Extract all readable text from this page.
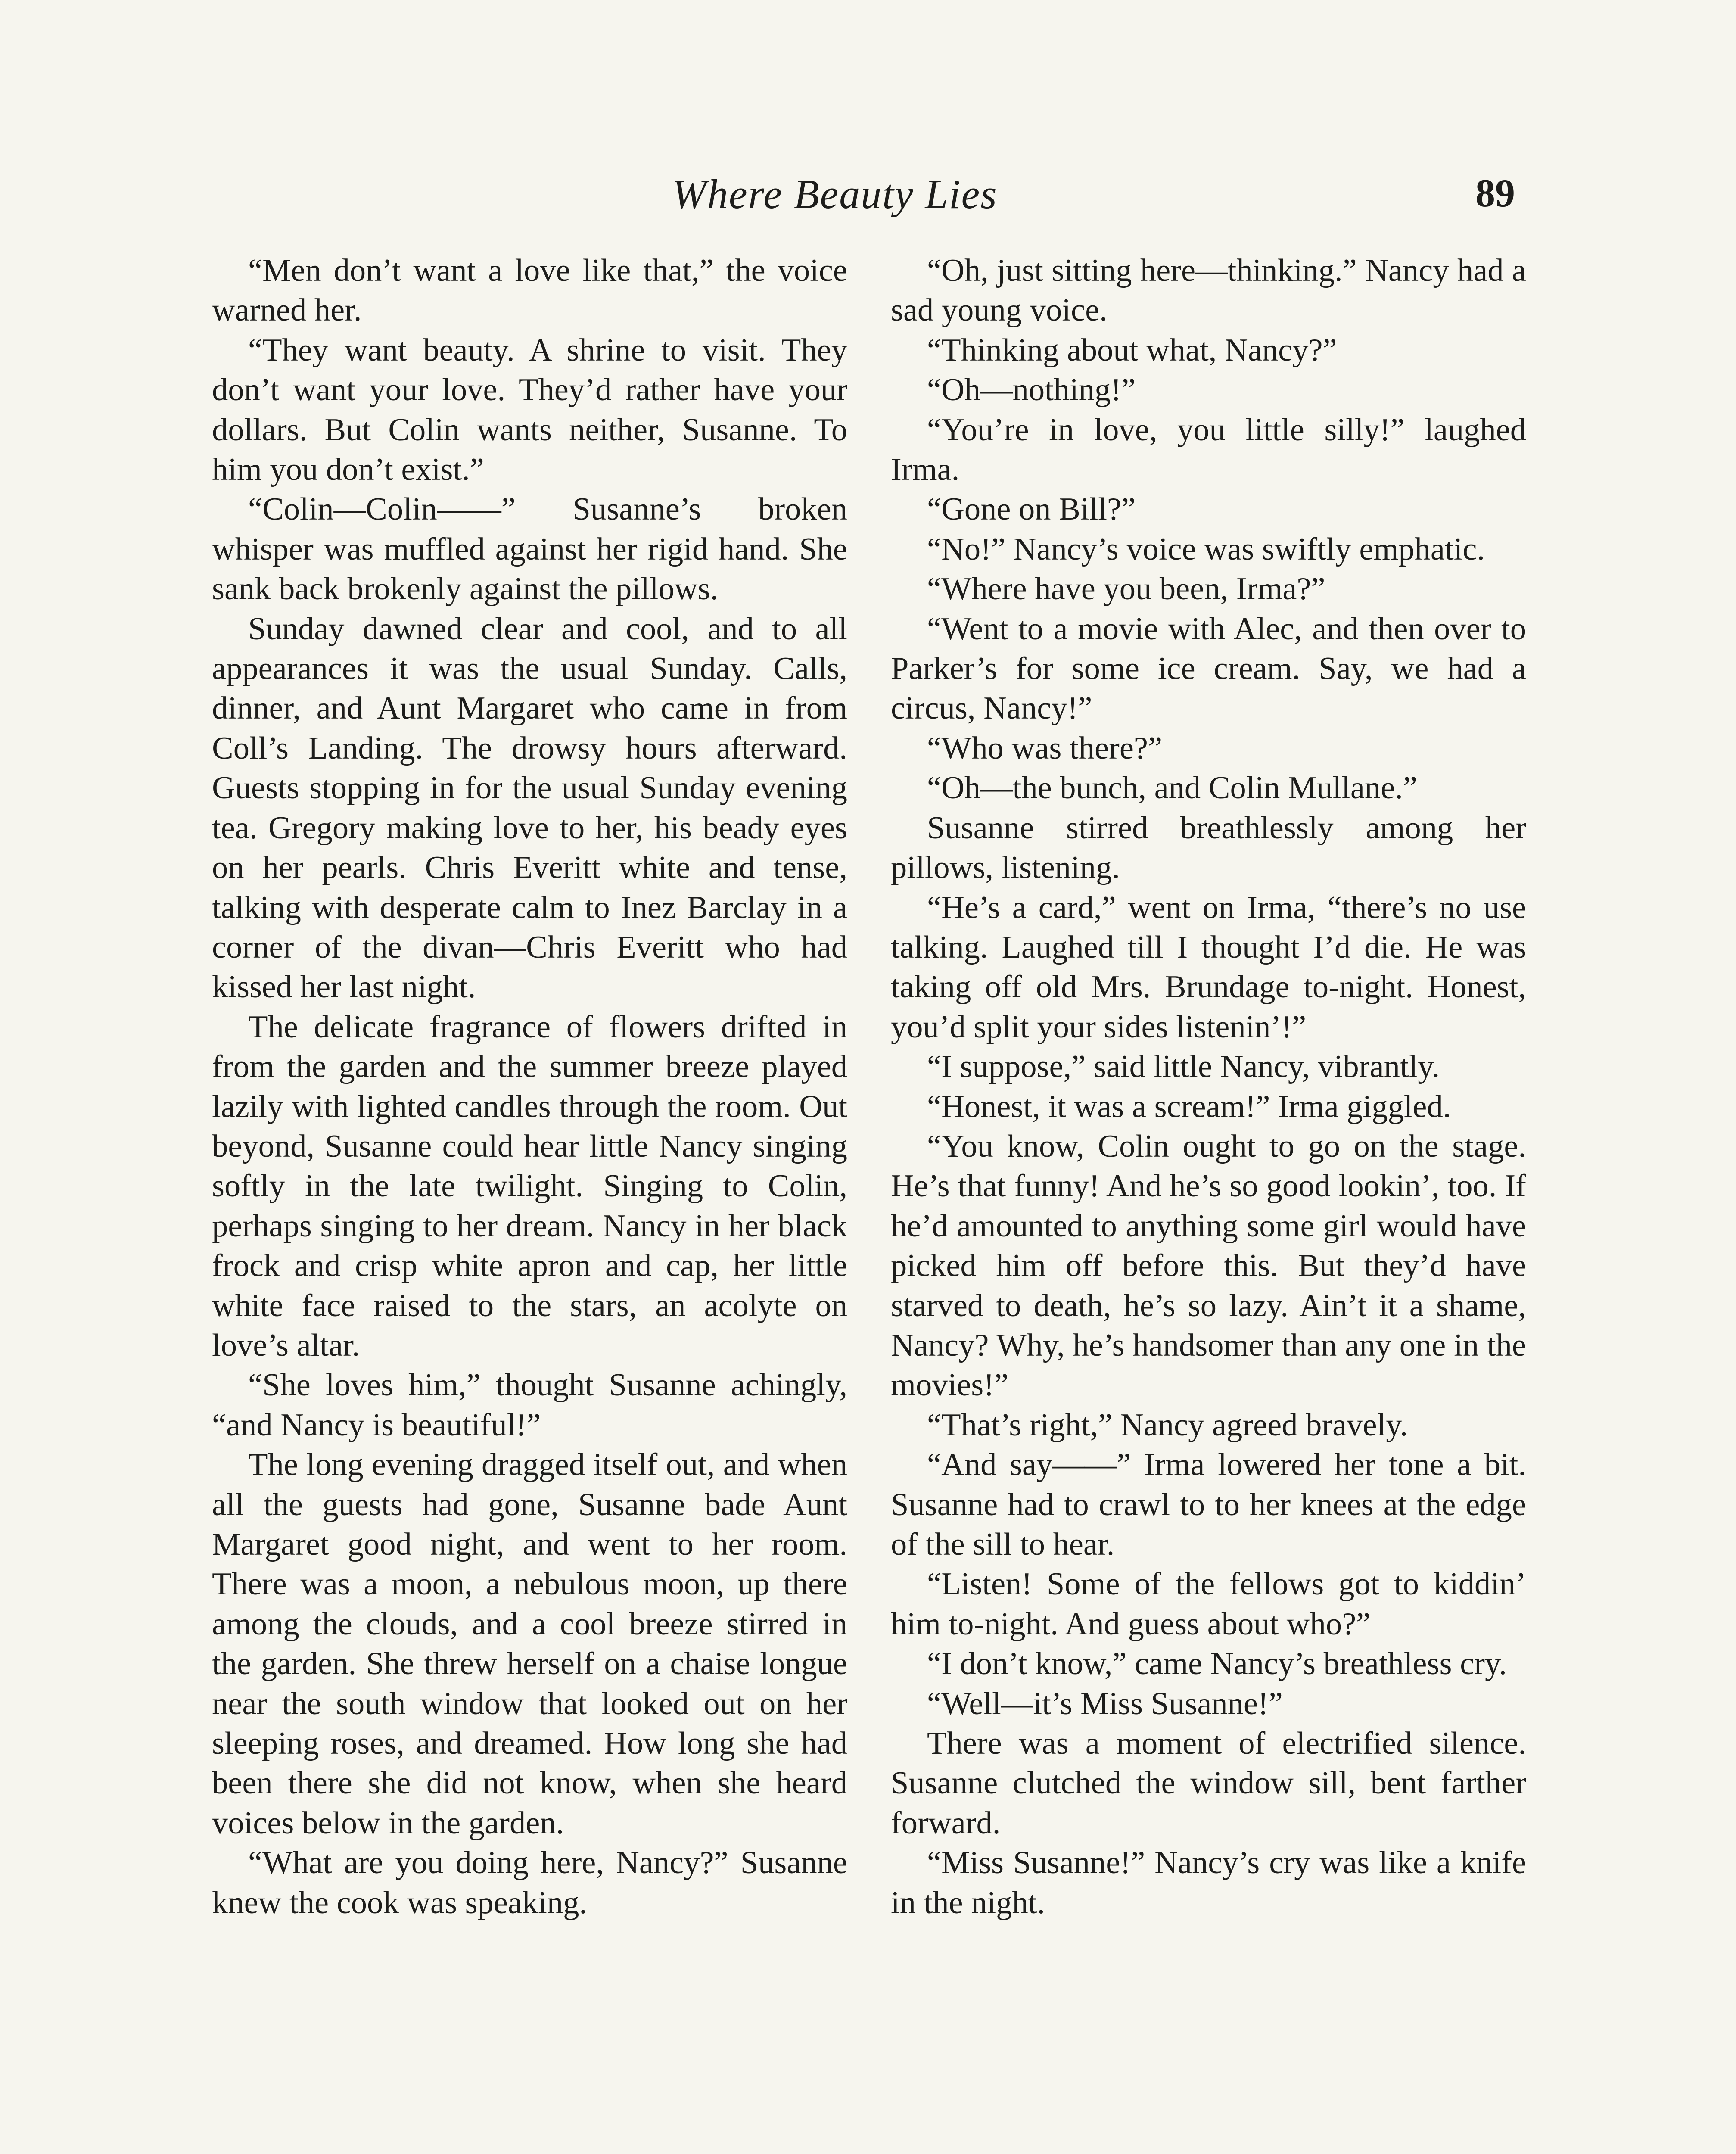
Where Beauty Lies	89

“Men don’t want a love like that,” the voice warned her.

“They want beauty. A shrine to visit. They don’t want your love. They’d rather have your dollars. But Colin wants neither, Susanne. To him you don’t exist.”

“Colin—Colin——” Susanne’s broken whisper was muffled against her rigid hand. She sank back brokenly against the pillows.

Sunday dawned clear and cool, and to all appearances it was the usual Sunday. Calls, dinner, and Aunt Margaret who came in from Coll’s Landing. The drowsy hours afterward. Guests stopping in for the usual Sunday evening tea. Gregory making love to her, his beady eyes on her pearls. Chris Everitt white and tense, talking with desperate calm to Inez Barclay in a corner of the divan—Chris Everitt who had kissed her last night.

The delicate fragrance of flowers drifted in from the garden and the summer breeze played lazily with lighted candles through the room. Out beyond, Susanne could hear little Nancy singing softly in the late twilight. Singing to Colin, perhaps singing to her dream. Nancy in her black frock and crisp white apron and cap, her little white face raised to the stars, an acolyte on love’s altar.

“She loves him,” thought Susanne achingly, “and Nancy is beautiful!”

The long evening dragged itself out, and when all the guests had gone, Susanne bade Aunt Margaret good night, and went to her room. There was a moon, a nebulous moon, up there among the clouds, and a cool breeze stirred in the garden. She threw herself on a chaise longue near the south window that looked out on her sleeping roses, and dreamed. How long she had been there she did not know, when she heard voices below in the garden.

“What are you doing here, Nancy?” Susanne knew the cook was speaking.

“Oh, just sitting here—thinking.” Nancy had a sad young voice.

“Thinking about what, Nancy?”

“Oh—nothing!”

“You’re in love, you little silly!” laughed Irma.

“Gone on Bill?”

“No!” Nancy’s voice was swiftly emphatic.

“Where have you been, Irma?”

“Went to a movie with Alec, and then over to Parker’s for some ice cream. Say, we had a circus, Nancy!”

“Who was there?”

“Oh—the bunch, and Colin Mullane.”

Susanne stirred breathlessly among her pillows, listening.

“He’s a card,” went on Irma, “there’s no use talking. Laughed till I thought I’d die. He was taking off old Mrs. Brundage to-night. Honest, you’d split your sides listenin’!”

“I suppose,” said little Nancy, vibrantly.

“Honest, it was a scream!” Irma giggled.

“You know, Colin ought to go on the stage. He’s that funny! And he’s so good lookin’, too. If he’d amounted to anything some girl would have picked him off before this. But they’d have starved to death, he’s so lazy. Ain’t it a shame, Nancy? Why, he’s handsomer than any one in the movies!”

“That’s right,” Nancy agreed bravely.

“And say——” Irma lowered her tone a bit. Susanne had to crawl to to her knees at the edge of the sill to hear.

“Listen! Some of the fellows got to kiddin’ him to-night. And guess about who?”

“I don’t know,” came Nancy’s breathless cry.

“Well—it’s Miss Susanne!”

There was a moment of electrified silence. Susanne clutched the window sill, bent farther forward.

“Miss Susanne!” Nancy’s cry was like a knife in the night.
